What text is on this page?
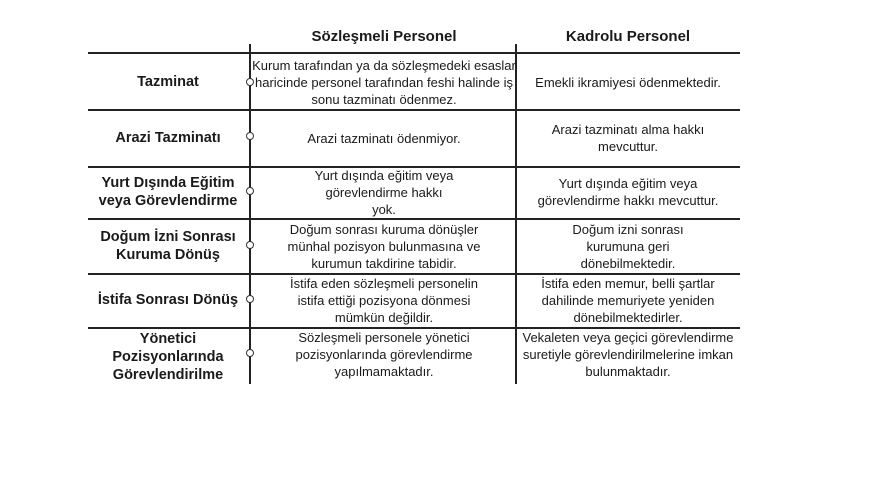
Sözleşmeli Personel	Kadrolu Personel
Tazminat
Kurum tarafından ya da sözleşmedeki esaslar haricinde personel tarafından feshi halinde iş sonu tazminatı ödenmez.
Emekli ikramiyesi ödenmektedir.
Arazi Tazminatı	Arazi tazminatı ödenmiyor.
Arazi tazminatı alma hakkı mevcuttur.
Yurt Dışında Eğitim veya Görevlendirme
Yurt dışında eğitim veya görevlendirme hakkı yok.
Yurt dışında eğitim veya görevlendirme hakkı mevcuttur.
Doğum İzni Sonrası Kuruma Dönüş
Doğum sonrası kuruma dönüşler münhal pozisyon bulunmasına ve kurumun takdirine tabidir.
Doğum izni sonrası kurumuna geri dönebilmektedir.
İstifa Sonrası Dönüş
İstifa eden sözleşmeli personelin istifa ettiği pozisyona dönmesi mümkün değildir.
İstifa eden memur, belli şartlar dahilinde memuriyete yeniden dönebilmektedirler.
Yönetici Pozisyonlarında Görevlendirilme
Sözleşmeli personele yönetici pozisyonlarında görevlendirme yapılmamaktadır.
Vekaleten veya geçici görevlendirme suretiyle görevlendirilmelerine imkan bulunmaktadır.
